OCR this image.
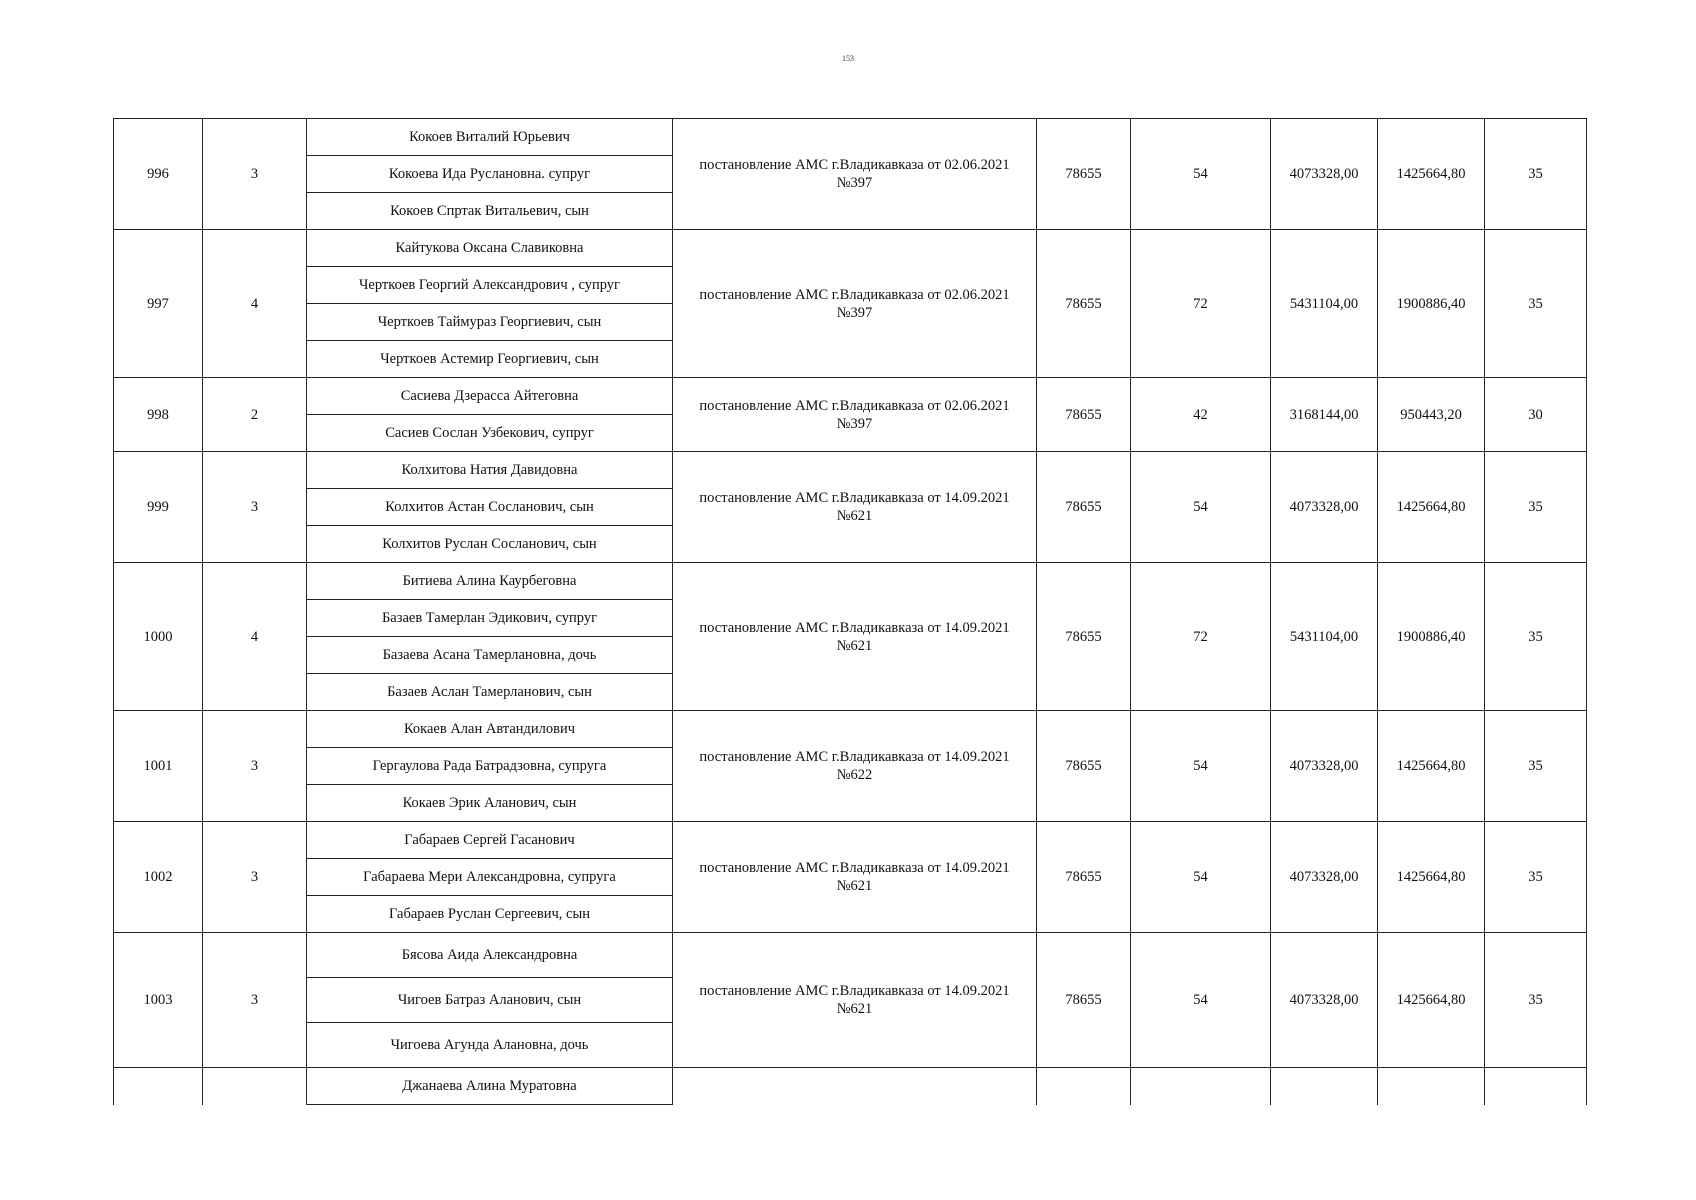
153
996	3	Кокоев Виталий Юрьевич	постановление АМС г.Владикавказа от 02.06.2021 №397	78655	54	4073328,00	1425664,80	35
		Кокоева Ида Руслановна. супруг						
		Кокоев Спртак Витальевич, сын						
997	4	Кайтукова Оксана Славиковна	постановление АМС г.Владикавказа от 02.06.2021 №397	78655	72	5431104,00	1900886,40	35
		Черткоев Георгий Александрович , супруг						
		Черткоев Таймураз Георгиевич, сын						
		Черткоев Астемир Георгиевич, сын						
998	2	Сасиева Дзерасса Айтеговна	постановление АМС г.Владикавказа от 02.06.2021 №397	78655	42	3168144,00	950443,20	30
		Сасиев Сослан Узбекович, супруг						
999	3	Колхитова Натия Давидовна	постановление АМС г.Владикавказа от 14.09.2021 №621	78655	54	4073328,00	1425664,80	35
		Колхитов Астан Сосланович, сын						
		Колхитов Руслан Сосланович, сын						
1000	4	Битиева Алина Каурбеговна	постановление АМС г.Владикавказа от 14.09.2021 №621	78655	72	5431104,00	1900886,40	35
		Базаев Тамерлан Эдикович, супруг						
		Базаева Асана Тамерлановна, дочь						
		Базаев Аслан Тамерланович, сын						
1001	3	Кокаев Алан Автандилович	постановление АМС г.Владикавказа от 14.09.2021 №622	78655	54	4073328,00	1425664,80	35
		Гергаулова Рада Батрадзовна, супруга						
		Кокаев Эрик Аланович, сын						
1002	3	Габараев Сергей Гасанович	постановление АМС г.Владикавказа от 14.09.2021 №621	78655	54	4073328,00	1425664,80	35
		Габараева Мери Александровна, супруга						
		Габараев Руслан Сергеевич, сын						
1003	3	Бясова Аида Александровна	постановление АМС г.Владикавказа от 14.09.2021 №621	78655	54	4073328,00	1425664,80	35
		Чигоев Батраз Аланович, сын						
		Чигоева Агунда Алановна, дочь						
		Джанаева Алина Муратовна						
